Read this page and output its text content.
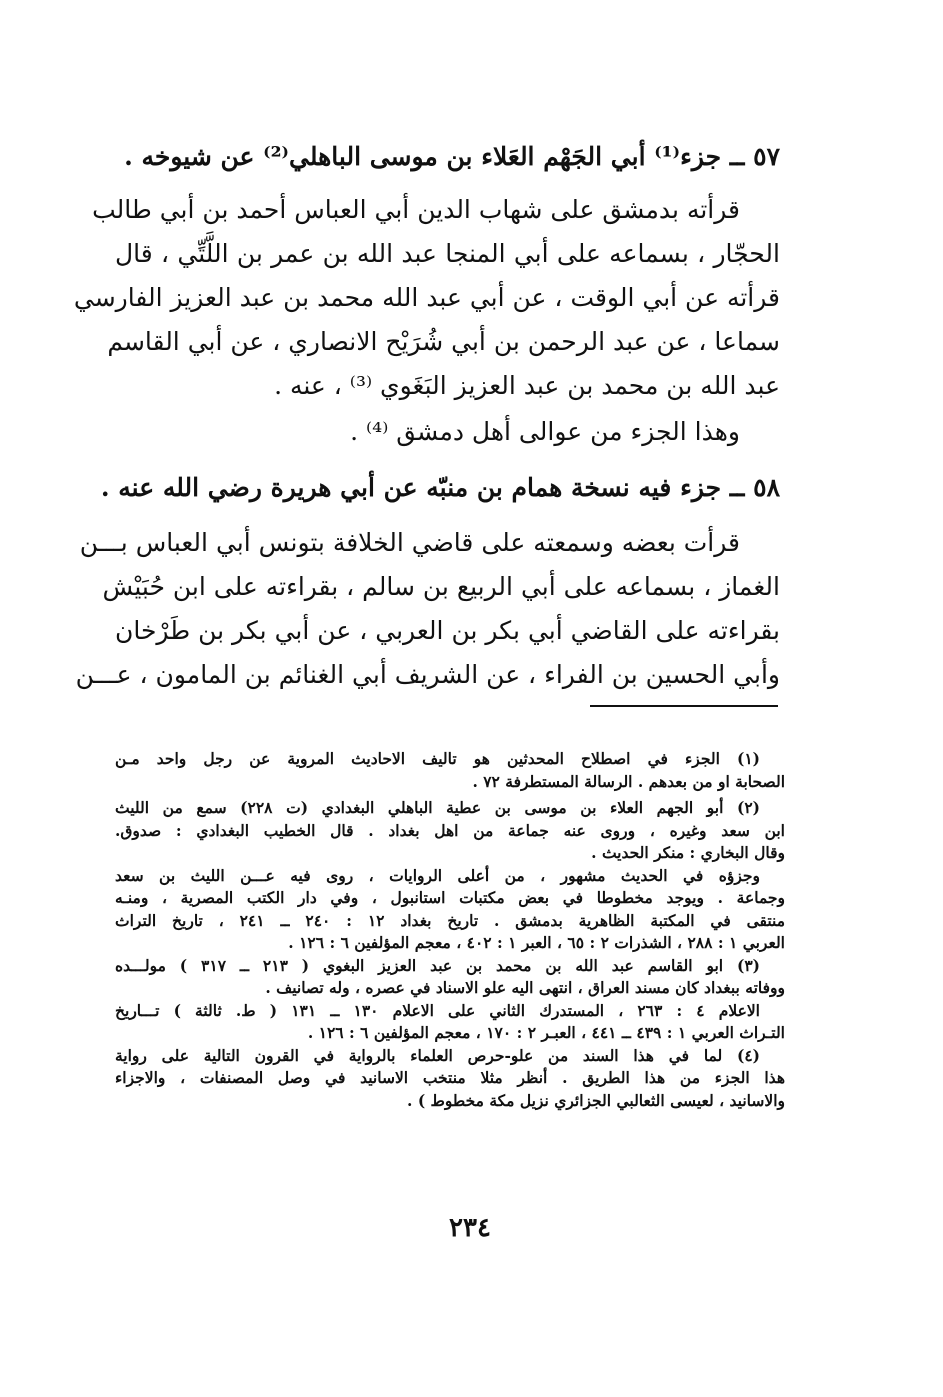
٥٧ ــ جزء⁽¹⁾ أبي الجَهْم العَلاء بن موسى الباهلي⁽²⁾ عن شيوخه .
قرأته بدمشق على شهاب الدين أبي العباس أحمد بن أبي طالب
الحجّار ، بسماعه على أبي المنجا عبد الله بن عمر بن اللَّتِّي ، قال
قرأته عن أبي الوقت ، عن أبي عبد الله محمد بن عبد العزيز الفارسي
سماعا ، عن عبد الرحمن بن أبي شُرَيْح الانصاري ، عن أبي القاسم
عبد الله بن محمد بن عبد العزيز البَغَوي ⁽³⁾ ، عنه .
وهذا الجزء من عوالى أهل دمشق ⁽⁴⁾ .
٥٨ ــ جزء فيه نسخة همام بن منبّه عن أبي هريرة رضي الله عنه .
قرأت بعضه وسمعته على قاضي الخلافة بتونس أبي العباس بـــن
الغماز ، بسماعه على أبي الربيع بن سالم ، بقراءته على ابن حُبَيْش
بقراءته على القاضي أبي بكر بن العربي ، عن أبي بكر بن طَرْخان
وأبي الحسين بن الفراء ، عن الشريف أبي الغنائم بن المامون ، عـــن
(١) الجزء في اصطلاح المحدثين هو تاليف الاحاديث المروية عن رجل واحد مـن
الصحابة او من بعدهم . الرسالة المستطرفة ٧٢ .
(٢) أبو الجهم العلاء بن موسى بن عطية الباهلي البغدادي (ت ٢٢٨) سمع من الليث
ابن سعد وغيره ، وروى عنه جماعة من اهل بغداد . قال الخطيب البغدادي : صدوق.
وقال البخاري : منكر الحديث .
وجزؤه في الحديث مشهور ، من أعلى الروايات ، روى فيه عـــن الليث بن سعد
وجماعة . ويوجد مخطوطا في بعض مكتبات استانبول ، وفي دار الكتب المصرية ، ومنـه
منتقى في المكتبة الظاهرية بدمشق . تاريخ بغداد ١٢ : ٢٤٠ ــ ٢٤١ ، تاريخ التراث
العربي ١ : ٢٨٨ ، الشذرات ٢ : ٦٥ ، العبر ١ : ٤٠٢ ، معجم المؤلفين ٦ : ١٢٦ .
(٣) ابو القاسم عبد الله بن محمد بن عبد العزيز البغوي ( ٢١٣ ــ ٣١٧ ) مولـــده
ووفاته ببغداد كان مسند العراق ، انتهى اليه علو الاسناد في عصره ، وله تصانيف .
الاعلام ٤ : ٢٦٣ ، المستدرك الثاني على الاعلام ١٣٠ ــ ١٣١ ( ط. ثالثة ) تـــاريخ
التـراث العربي ١ : ٤٣٩ ــ ٤٤١ ، العبـر ٢ : ١٧٠ ، معجم المؤلفين ٦ : ١٢٦ .
(٤) لما في هذا السند من علو-حرص العلماء بالرواية في القرون التالية على رواية
هذا الجزء من هذا الطريق . أنظر مثلا منتخب الاسانيد في وصل المصنفات ، والاجزاء
والاسانيد ، لعيسى الثعالبي الجزائري نزيل مكة مخطوط ) .
٢٣٤
